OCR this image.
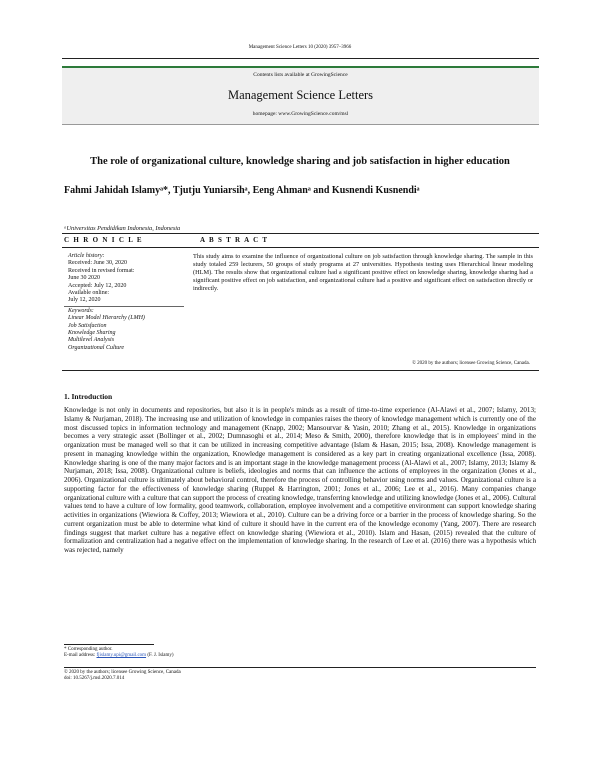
Management Science Letters 10 (2020) 3957–3966
Contents lists available at GrowingScience
Management Science Letters
homepage: www.GrowingScience.com/msl
The role of organizational culture, knowledge sharing and job satisfaction in higher education
Fahmi Jahidah Islamyᵃ*, Tjutju Yuniarsihᵃ, Eeng Ahmanᵃ and Kusnendi Kusnendiᵃ
ᵃUniversitas Pendidikan Indonesia, Indonesia
C H R O N I C L E	A B S T R A C T
Article history:
Received: June 30, 2020
Received in revised format:
June 30 2020
Accepted: July 12, 2020
Available online:
July 12, 2020
Keywords:
Linear Model Hierarchy (LMH)
Job Satisfaction
Knowledge Sharing
Multilevel Analysis
Organizational Culture
This study aims to examine the influence of organizational culture on job satisfaction through knowledge sharing. The sample in this study totaled 259 lecturers, 50 groups of study programs at 27 universities. Hypothesis testing uses Hierarchical linear modeling (HLM). The results show that organizational culture had a significant positive effect on knowledge sharing, knowledge sharing had a significant positive effect on job satisfaction, and organizational culture had a positive and significant effect on satisfaction directly or indirectly.
© 2020 by the authors; licensee Growing Science, Canada.
1. Introduction
Knowledge is not only in documents and repositories, but also it is in people's minds as a result of time-to-time experience (Al-Alawi et al., 2007; Islamy, 2013; Islamy & Nurjaman, 2018). The increasing use and utilization of knowledge in companies raises the theory of knowledge management which is currently one of the most discussed topics in information technology and management (Knapp, 2002; Mansourvar & Yasin, 2010; Zhang et al., 2015). Knowledge in organizations becomes a very strategic asset (Bollinger et al., 2002; Dumnasoghi et al., 2014; Meso & Smith, 2000), therefore knowledge that is in employees' mind in the organization must be managed well so that it can be utilized in increasing competitive advantage (Islam & Hasan, 2015; Issa, 2008). Knowledge management is present in managing knowledge within the organization, Knowledge management is considered as a key part in creating organizational excellence (Issa, 2008). Knowledge sharing is one of the many major factors and is an important stage in the knowledge management process (Al-Alawi et al., 2007; Islamy, 2013; Islamy & Nurjaman, 2018; Issa, 2008). Organizational culture is beliefs, ideologies and norms that can influence the actions of employees in the organization (Jones et al., 2006). Organizational culture is ultimately about behavioral control, therefore the process of controlling behavior using norms and values. Organizational culture is a supporting factor for the effectiveness of knowledge sharing (Ruppel & Harrington, 2001; Jones et al., 2006; Lee et al., 2016). Many companies change organizational culture with a culture that can support the process of creating knowledge, transferring knowledge and utilizing knowledge (Jones et al., 2006). Cultural values tend to have a culture of low formality, good teamwork, collaboration, employee involvement and a competitive environment can support knowledge sharing activities in organizations (Wiewiora & Coffey, 2013; Wiewiora et al., 2010). Culture can be a driving force or a barrier in the process of knowledge sharing. So the current organization must be able to determine what kind of culture it should have in the current era of the knowledge economy (Yang, 2007). There are research findings suggest that market culture has a negative effect on knowledge sharing (Wiewiora et al., 2010). Islam and Hasan, (2015) revealed that the culture of formalization and centralization had a negative effect on the implementation of knowledge sharing. In the research of Lee et al. (2016) there was a hypothesis which was rejected, namely
* Corresponding author.
E-mail address: fjislamy.upi@gmail.com (F. J. Islamy)
© 2020 by the authors; licensee Growing Science, Canada
doi: 10.5267/j.msl.2020.7.014
